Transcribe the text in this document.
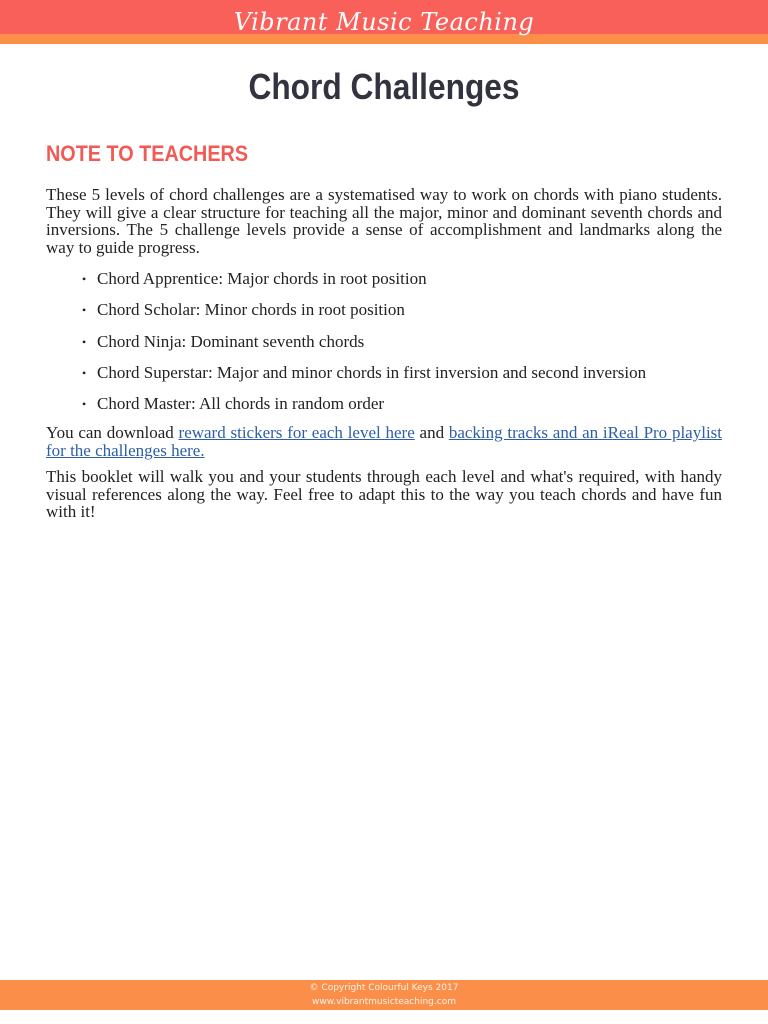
Vibrant Music Teaching
Chord Challenges
NOTE TO TEACHERS

These 5 levels of chord challenges are a systematised way to work on chords with piano students. They will give a clear structure for teaching all the major, minor and dominant seventh chords and inversions. The 5 challenge levels provide a sense of accomplishment and landmarks along the way to guide progress.

• Chord Apprentice: Major chords in root position
• Chord Scholar: Minor chords in root position
• Chord Ninja: Dominant seventh chords
• Chord Superstar: Major and minor chords in first inversion and second inversion
• Chord Master: All chords in random order

You can download reward stickers for each level here and backing tracks and an iReal Pro playlist for the challenges here.

This booklet will walk you and your students through each level and what's required, with handy visual references along the way. Feel free to adapt this to the way you teach chords and have fun with it!

© Copyright Colourful Keys 2017
www.vibrantmusicteaching.com
